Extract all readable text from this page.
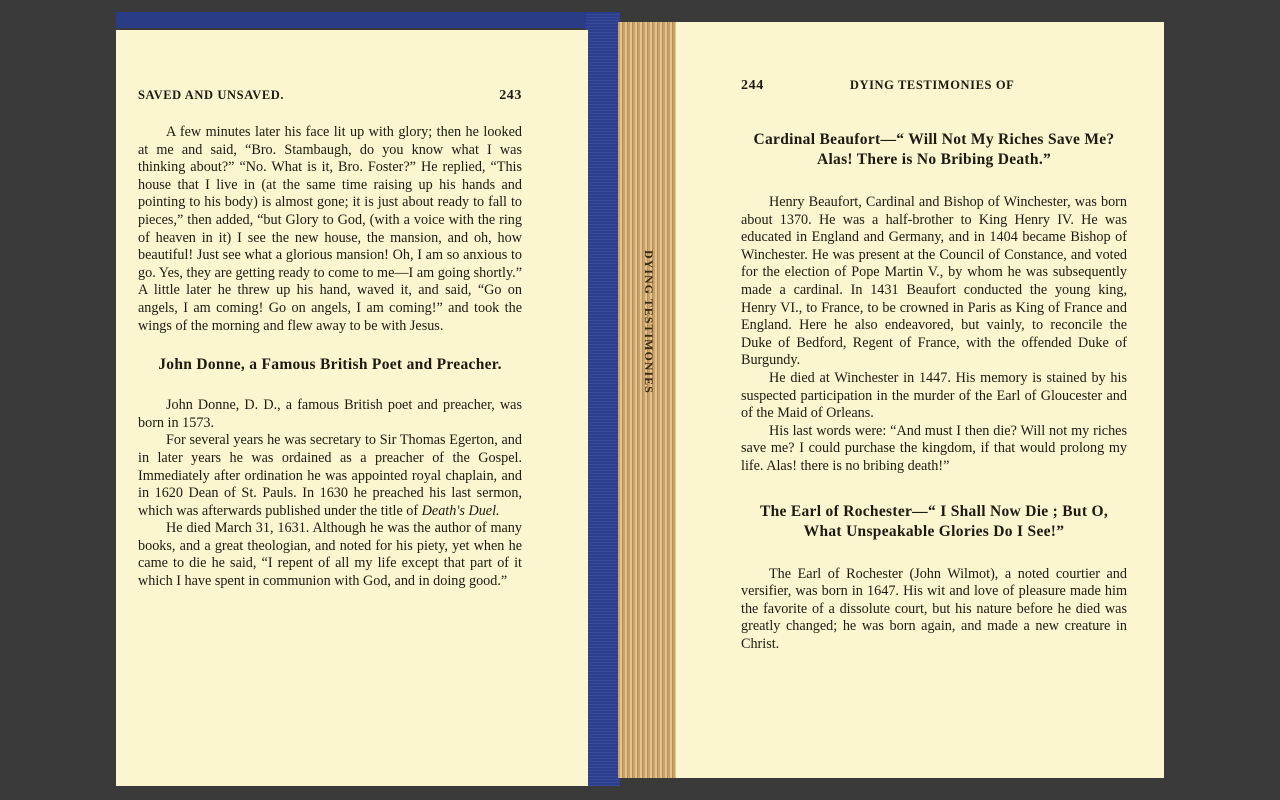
SAVED AND UNSAVED.	243

A few minutes later his face lit up with glory; then he looked at me and said, “Bro. Stambaugh, do you know what I was thinking about?” “No. What is it, Bro. Foster?” He replied, “This house that I live in (at the same time raising up his hands and pointing to his body) is almost gone; it is just about ready to fall to pieces,” then added, “but Glory to God, (with a voice with the ring of heaven in it) I see the new house, the mansion, and oh, how beautiful! Just see what a glorious mansion! Oh, I am so anxious to go. Yes, they are getting ready to come to me—I am going shortly.” A little later he threw up his hand, waved it, and said, “Go on angels, I am coming! Go on angels, I am coming!” and took the wings of the morning and flew away to be with Jesus.

John Donne, a Famous British Poet and Preacher.

John Donne, D. D., a famous British poet and preacher, was born in 1573.

For several years he was secretary to Sir Thomas Egerton, and in later years he was ordained as a preacher of the Gospel. Immediately after ordination he was appointed royal chaplain, and in 1620 Dean of St. Pauls. In 1630 he preached his last sermon, which was afterwards published under the title of Death's Duel.

He died March 31, 1631. Although he was the author of many books, and a great theologian, and noted for his piety, yet when he came to die he said, “I repent of all my life except that part of it which I have spent in communion with God, and in doing good.”

DYING TESTIMONIES
244	DYING TESTIMONIES OF
Cardinal Beaufort—“ Will Not My Riches Save Me? Alas! There is No Bribing Death.”

Henry Beaufort, Cardinal and Bishop of Winchester, was born about 1370. He was a half-brother to King Henry IV. He was educated in England and Germany, and in 1404 became Bishop of Winchester. He was present at the Council of Constance, and voted for the election of Pope Martin V., by whom he was subsequently made a cardinal. In 1431 Beaufort conducted the young king, Henry VI., to France, to be crowned in Paris as King of France and England. Here he also endeavored, but vainly, to reconcile the Duke of Bedford, Regent of France, with the offended Duke of Burgundy.

He died at Winchester in 1447. His memory is stained by his suspected participation in the murder of the Earl of Gloucester and of the Maid of Orleans.

His last words were: “And must I then die? Will not my riches save me? I could purchase the kingdom, if that would prolong my life. Alas! there is no bribing death!”

The Earl of Rochester—“ I Shall Now Die ; But O, What Unspeakable Glories Do I See!”

The Earl of Rochester (John Wilmot), a noted courtier and versifier, was born in 1647. His wit and love of pleasure made him the favorite of a dissolute court, but his nature before he died was greatly changed; he was born again, and made a new creature in Christ.
